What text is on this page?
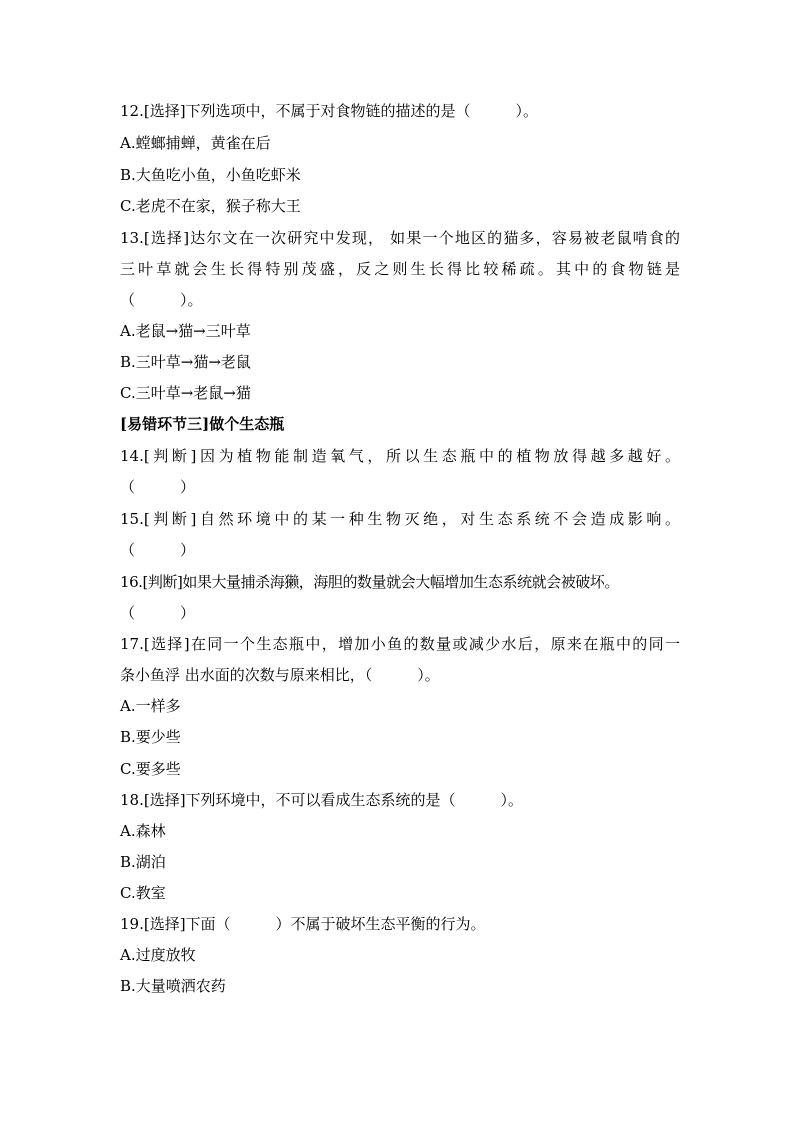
12.[选择]下列选项中，不属于对食物链的描述的是（　　　）。
A.螳螂捕蝉，黄雀在后
B.大鱼吃小鱼，小鱼吃虾米
C.老虎不在家，猴子称大王
13.[选择]达尔文在一次研究中发现， 如果一个地区的猫多，容易被老鼠啃食的
三叶草就会生长得特别茂盛，反之则生长得比较稀疏。其中的食物链是
（　　　）。
A.老鼠→猫→三叶草
B.三叶草→猫→老鼠
C.三叶草→老鼠→猫
[易错环节三]做个生态瓶
14.[判断]因为植物能制造氧气，所以生态瓶中的植物放得越多越好。
（　　　）
15.[判断]自然环境中的某一种生物灭绝，对生态系统不会造成影响。
（　　　）
16.[判断]如果大量捕杀海獭，海胆的数量就会大幅增加生态系统就会被破坏。
（　　　）
17.[选择]在同一个生态瓶中，增加小鱼的数量或减少水后，原来在瓶中的同一
条小鱼浮 出水面的次数与原来相比，（　　　）。
A.一样多
B.要少些
C.要多些
18.[选择]下列环境中，不可以看成生态系统的是（　　　）。
A.森林
B.湖泊
C.教室
19.[选择]下面（　　　）不属于破坏生态平衡的行为。
A.过度放牧
B.大量喷洒农药
